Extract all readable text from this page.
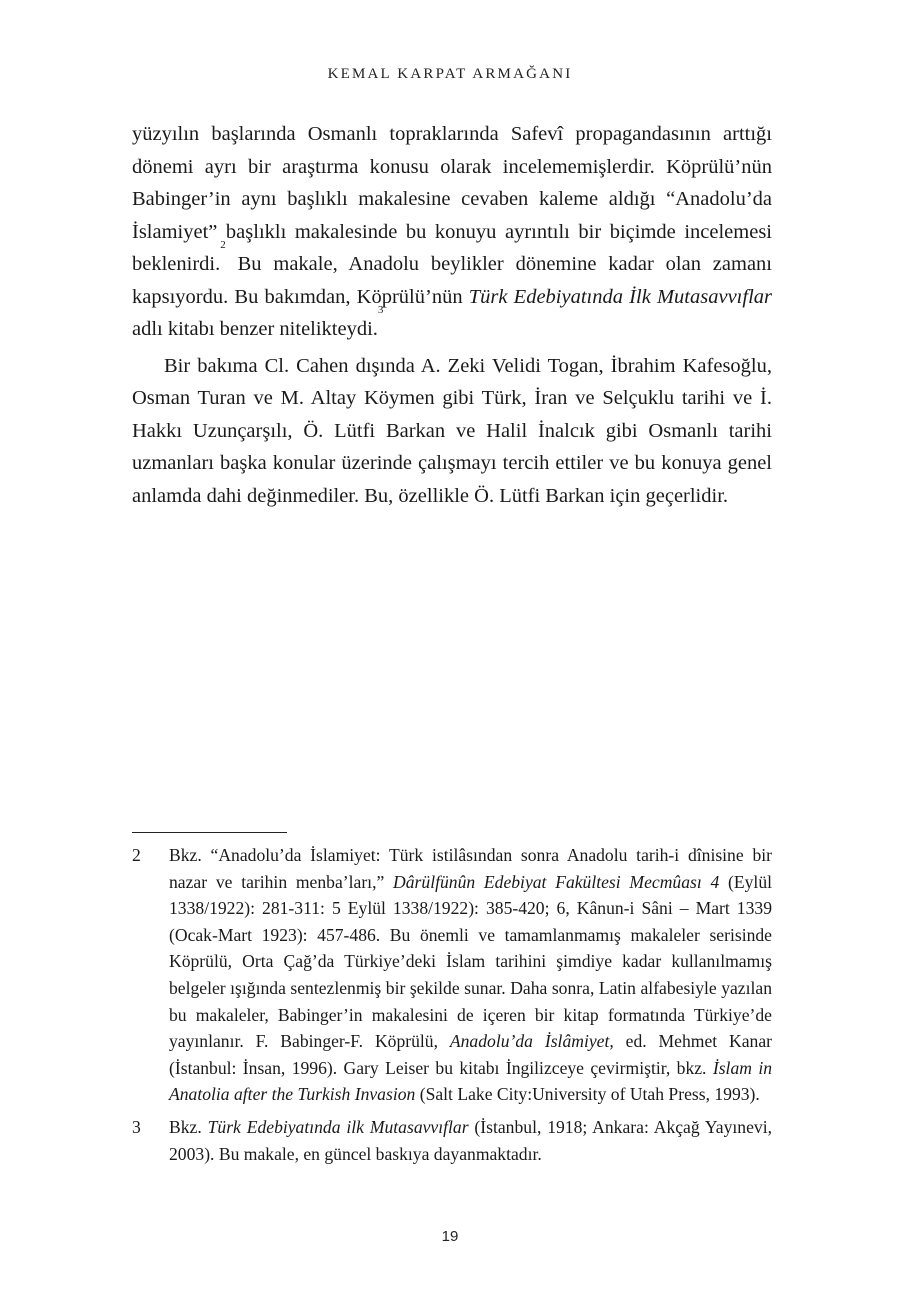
KEMAL KARPAT ARMAĞANI

yüzyılın başlarında Osmanlı topraklarında Safevî propagandasının arttığı dönemi ayrı bir araştırma konusu olarak incelememişlerdir. Köprülü’nün Babinger’in aynı başlıklı makalesine cevaben kaleme aldığı “Anadolu’da İslamiyet” başlıklı makalesinde bu konuyu ayrıntılı bir biçimde incelemesi beklenirdi.$^2$ Bu makale, Anadolu beylikler dönemine kadar olan zamanı kapsıyordu. Bu bakımdan, Köprülü’nün Türk Edebiyatında İlk Mutasavvıflar adlı kitabı benzer nitelikteydi.$^3$

Bir bakıma Cl. Cahen dışında A. Zeki Velidi Togan, İbrahim Kafesoğlu, Osman Turan ve M. Altay Köymen gibi Türk, İran ve Selçuklu tarihi ve İ. Hakkı Uzunçarşılı, Ö. Lütfi Barkan ve Halil İnalcık gibi Osmanlı tarihi uzmanları başka konular üzerinde çalışmayı tercih ettiler ve bu konuya genel anlamda dahi değinmediler. Bu, özellikle Ö. Lütfi Barkan için geçerlidir.

2	Bkz. “Anadolu’da İslamiyet: Türk istilâsından sonra Anadolu tarih-i dînisine bir nazar ve tarihin menba’ları,” Dârülfünûn Edebiyat Fakültesi Mecmûası 4 (Eylül 1338/1922): 281-311: 5 Eylül 1338/1922): 385-420; 6, Kânun-i Sâni – Mart 1339 (Ocak-Mart 1923): 457-486. Bu önemli ve tamamlanmamış makaleler serisinde Köprülü, Orta Çağ’da Türkiye’deki İslam tarihini şimdiye kadar kullanılmamış belgeler ışığında sentezlenmiş bir şekilde sunar. Daha sonra, Latin alfabesiyle yazılan bu makaleler, Babinger’in makalesini de içeren bir kitap formatında Türkiye’de yayınlanır. F. Babinger-F. Köprülü, Anadolu’da İslâmiyet, ed. Mehmet Kanar (İstanbul: İnsan, 1996). Gary Leiser bu kitabı İngilizceye çevirmiştir, bkz. İslam in Anatolia after the Turkish Invasion (Salt Lake City:University of Utah Press, 1993).
3	Bkz. Türk Edebiyatında ilk Mutasavvıflar (İstanbul, 1918; Ankara: Akçağ Yayınevi, 2003). Bu makale, en güncel baskıya dayanmaktadır.
19
